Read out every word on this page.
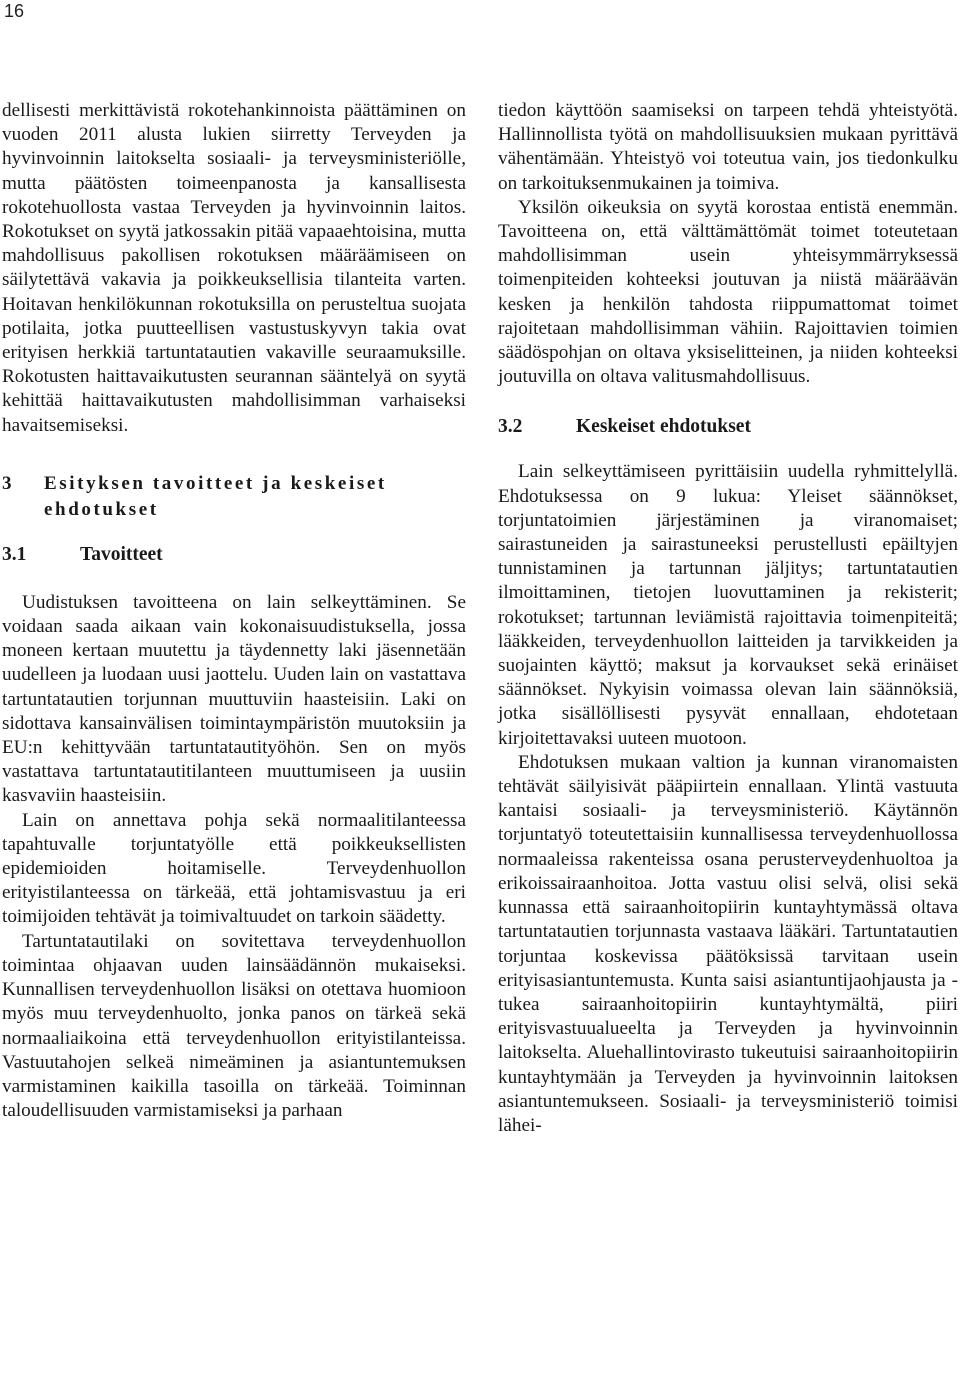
16

dellisesti merkittävistä rokotehankinnoista päättäminen on vuoden 2011 alusta lukien siirretty Terveyden ja hyvinvoinnin laitokselta sosiaali- ja terveysministeriölle, mutta päätösten toimeenpanosta ja kansallisesta rokotehuollosta vastaa Terveyden ja hyvinvoinnin laitos. Rokotukset on syytä jatkossakin pitää vapaaehtoisina, mutta mahdollisuus pakollisen rokotuksen määräämiseen on säilytettävä vakavia ja poikkeuksellisia tilanteita varten. Hoitavan henkilökunnan rokotuksilla on perusteltua suojata potilaita, jotka puutteellisen vastustuskyvyn takia ovat erityisen herkkiä tartuntatautien vakaville seuraamuksille. Rokotusten haittavaikutusten seurannan sääntelyä on syytä kehittää haittavaikutusten mahdollisimman varhaiseksi havaitsemiseksi.

3	Esityksen tavoitteet ja keskeiset ehdotukset
3.1	Tavoitteet

Uudistuksen tavoitteena on lain selkeyttäminen. Se voidaan saada aikaan vain kokonaisuudistuksella, jossa moneen kertaan muutettu ja täydennetty laki jäsennetään uudelleen ja luodaan uusi jaottelu. Uuden lain on vastattava tartuntatautien torjunnan muuttuviin haasteisiin. Laki on sidottava kansainvälisen toimintaympäristön muutoksiin ja EU:n kehittyvään tartuntatautityöhön. Sen on myös vastattava tartuntatautitilanteen muuttumiseen ja uusiin kasvaviin haasteisiin.

Lain on annettava pohja sekä normaalitilanteessa tapahtuvalle torjuntatyölle että poikkeuksellisten epidemioiden hoitamiselle. Terveydenhuollon erityistilanteessa on tärkeää, että johtamisvastuu ja eri toimijoiden tehtävät ja toimivaltuudet on tarkoin säädetty.

Tartuntatautilaki on sovitettava terveydenhuollon toimintaa ohjaavan uuden lainsäädännön mukaiseksi. Kunnallisen terveydenhuollon lisäksi on otettava huomioon myös muu terveydenhuolto, jonka panos on tärkeä sekä normaaliaikoina että terveydenhuollon erityistilanteissa. Vastuutahojen selkeä nimeäminen ja asiantuntemuksen varmistaminen kaikilla tasoilla on tärkeää. Toiminnan taloudellisuuden varmistamiseksi ja parhaan

tiedon käyttöön saamiseksi on tarpeen tehdä yhteistyötä. Hallinnollista työtä on mahdollisuuksien mukaan pyrittävä vähentämään. Yhteistyö voi toteutua vain, jos tiedonkulku on tarkoituksenmukainen ja toimiva.

Yksilön oikeuksia on syytä korostaa entistä enemmän. Tavoitteena on, että välttämättömät toimet toteutetaan mahdollisimman usein yhteisymmärryksessä toimenpiteiden kohteeksi joutuvan ja niistä määräävän kesken ja henkilön tahdosta riippumattomat toimet rajoitetaan mahdollisimman vähiin. Rajoittavien toimien säädöspohjan on oltava yksiselitteinen, ja niiden kohteeksi joutuvilla on oltava valitusmahdollisuus.

3.2	Keskeiset ehdotukset

Lain selkeyttämiseen pyrittäisiin uudella ryhmittelyllä. Ehdotuksessa on 9 lukua: Yleiset säännökset, torjuntatoimien järjestäminen ja viranomaiset; sairastuneiden ja sairastuneeksi perustellusti epäiltyjen tunnistaminen ja tartunnan jäljitys; tartuntatautien ilmoittaminen, tietojen luovuttaminen ja rekisterit; rokotukset; tartunnan leviämistä rajoittavia toimenpiteitä; lääkkeiden, terveydenhuollon laitteiden ja tarvikkeiden ja suojainten käyttö; maksut ja korvaukset sekä erinäiset säännökset. Nykyisin voimassa olevan lain säännöksiä, jotka sisällöllisesti pysyvät ennallaan, ehdotetaan kirjoitettavaksi uuteen muotoon.

Ehdotuksen mukaan valtion ja kunnan viranomaisten tehtävät säilyisivät pääpiirtein ennallaan. Ylintä vastuuta kantaisi sosiaali- ja terveysministeriö. Käytännön torjuntatyö toteutettaisiin kunnallisessa terveydenhuollossa normaaleissa rakenteissa osana perusterveydenhuoltoa ja erikoissairaanhoitoa. Jotta vastuu olisi selvä, olisi sekä kunnassa että sairaanhoitopiirin kuntayhtymässä oltava tartuntatautien torjunnasta vastaava lääkäri. Tartuntatautien torjuntaa koskevissa päätöksissä tarvitaan usein erityisasiantuntemusta. Kunta saisi asiantuntijaohjausta ja -tukea sairaanhoitopiirin kuntayhtymältä, piiri erityisvastuualueelta ja Terveyden ja hyvinvoinnin laitokselta. Aluehallintovirasto tukeutuisi sairaanhoitopiirin kuntayhtymään ja Terveyden ja hyvinvoinnin laitoksen asiantuntemukseen. Sosiaali- ja terveysministeriö toimisi lähei-
